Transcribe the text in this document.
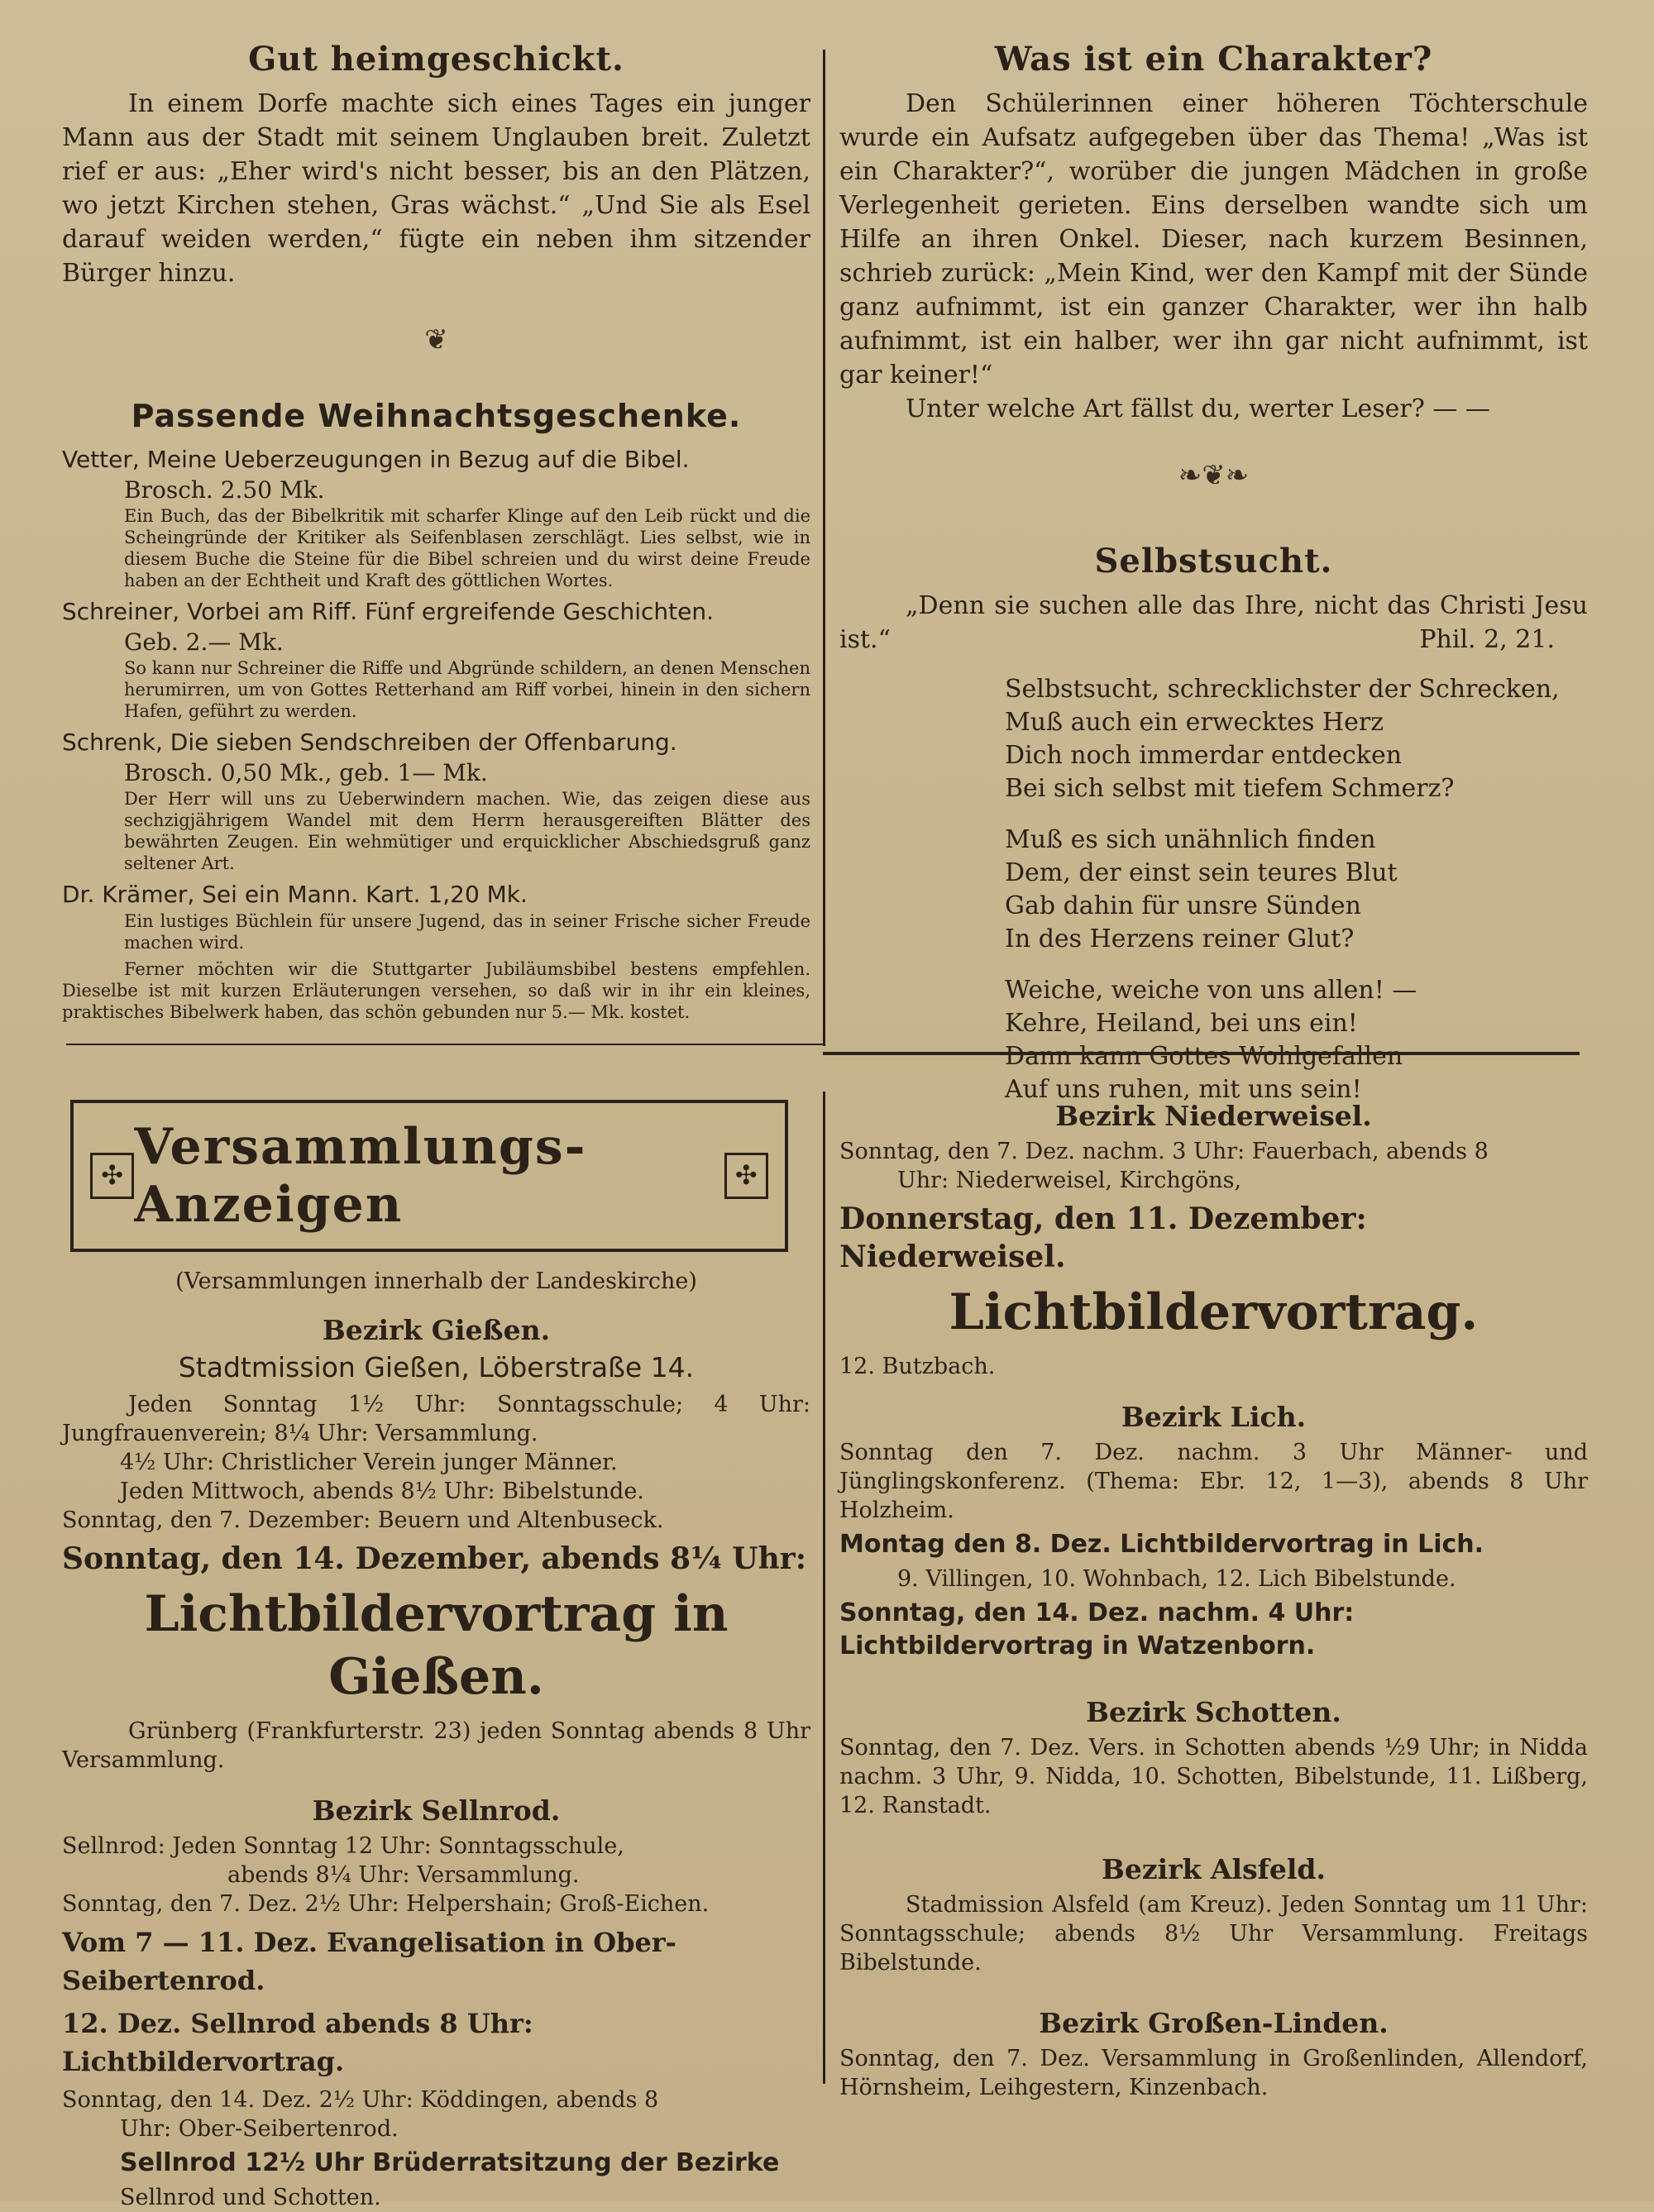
Gut heimgeschickt.

In einem Dorfe machte sich eines Tages ein junger Mann aus der Stadt mit seinem Unglauben breit. Zuletzt rief er aus: „Eher wird's nicht besser, bis an den Plätzen, wo jetzt Kirchen stehen, Gras wächst.“ „Und Sie als Esel darauf weiden werden,“ fügte ein neben ihm sitzender Bürger hinzu.

❦
Passende Weihnachtsgeschenke.
Vetter, Meine Ueberzeugungen in Bezug auf die Bibel.
Brosch. 2.50 Mk.
Ein Buch, das der Bibelkritik mit scharfer Klinge auf den Leib rückt und die Scheingründe der Kritiker als Seifenblasen zerschlägt. Lies selbst, wie in diesem Buche die Steine für die Bibel schreien und du wirst deine Freude haben an der Echtheit und Kraft des göttlichen Wortes.
Schreiner, Vorbei am Riff. Fünf ergreifende Geschichten.
Geb. 2.— Mk.
So kann nur Schreiner die Riffe und Abgründe schildern, an denen Menschen herumirren, um von Gottes Retterhand am Riff vorbei, hinein in den sichern Hafen, geführt zu werden.
Schrenk, Die sieben Sendschreiben der Offenbarung.
Brosch. 0,50 Mk., geb. 1— Mk.
Der Herr will uns zu Ueberwindern machen. Wie, das zeigen diese aus sechzigjährigem Wandel mit dem Herrn herausgereiften Blätter des bewährten Zeugen. Ein wehmütiger und erquicklicher Abschiedsgruß ganz seltener Art.
Dr. Krämer, Sei ein Mann. Kart. 1,20 Mk.
Ein lustiges Büchlein für unsere Jugend, das in seiner Frische sicher Freude machen wird.
Ferner möchten wir die Stuttgarter Jubiläumsbibel bestens empfehlen. Dieselbe ist mit kurzen Erläuterungen versehen, so daß wir in ihr ein kleines, praktisches Bibelwerk haben, das schön gebunden nur 5.— Mk. kostet.
Was ist ein Charakter?

Den Schülerinnen einer höheren Töchterschule wurde ein Aufsatz aufgegeben über das Thema! „Was ist ein Charakter?“, worüber die jungen Mädchen in große Verlegenheit gerieten. Eins derselben wandte sich um Hilfe an ihren Onkel. Dieser, nach kurzem Besinnen, schrieb zurück: „Mein Kind, wer den Kampf mit der Sünde ganz aufnimmt, ist ein ganzer Charakter, wer ihn halb aufnimmt, ist ein halber, wer ihn gar nicht aufnimmt, ist gar keiner!“

Unter welche Art fällst du, werter Leser? — —

❧❦❧
Selbstsucht.

„Denn sie suchen alle das Ihre, nicht das Christi Jesu ist.“	Phil. 2, 21.

Selbstsucht, schrecklichster der Schrecken,
Muß auch ein erwecktes Herz
Dich noch immerdar entdecken
Bei sich selbst mit tiefem Schmerz?
Muß es sich unähnlich finden
Dem, der einst sein teures Blut
Gab dahin für unsre Sünden
In des Herzens reiner Glut?
Weiche, weiche von uns allen! —
Kehre, Heiland, bei uns ein!
Dann kann Gottes Wohlgefallen
Auf uns ruhen, mit uns sein!
✣ Versammlungs-Anzeigen
✣
(Versammlungen innerhalb der Landeskirche)
Bezirk Gießen.
Stadtmission Gießen, Löberstraße 14.

Jeden Sonntag 1½ Uhr: Sonntagsschule; 4 Uhr: Jungfrauenverein; 8¼ Uhr: Versammlung.

4½ Uhr: Christlicher Verein junger Männer.

Jeden Mittwoch, abends 8½ Uhr: Bibelstunde.

Sonntag, den 7. Dezember: Beuern und Altenbuseck.

Sonntag, den 14. Dezember, abends 8¼ Uhr:

Lichtbildervortrag in Gießen.

Grünberg (Frankfurterstr. 23) jeden Sonntag abends 8 Uhr Versammlung.

Bezirk Sellnrod.

Sellnrod: Jeden Sonntag 12 Uhr: Sonntagsschule,

abends 8¼ Uhr: Versammlung.

Sonntag, den 7. Dez. 2½ Uhr: Helpershain; Groß-Eichen.

Vom 7 — 11. Dez. Evangelisation in Ober-Seibertenrod.

12. Dez. Sellnrod abends 8 Uhr: Lichtbildervortrag.

Sonntag, den 14. Dez. 2½ Uhr: Köddingen, abends 8

Uhr: Ober-Seibertenrod.

Sellnrod 12½ Uhr Brüderratsitzung der Bezirke

Sellnrod und Schotten.

Bezirk Niederweisel.

Sonntag, den 7. Dez. nachm. 3 Uhr: Fauerbach, abends 8

Uhr: Niederweisel, Kirchgöns,

Donnerstag, den 11. Dezember: Niederweisel.

Lichtbildervortrag.

12. Butzbach.

Bezirk Lich.

Sonntag den 7. Dez. nachm. 3 Uhr Männer- und Jünglingskonferenz. (Thema: Ebr. 12, 1—3), abends 8 Uhr Holzheim.

Montag den 8. Dez. Lichtbildervortrag in Lich.

9. Villingen, 10. Wohnbach, 12. Lich Bibelstunde.

Sonntag, den 14. Dez. nachm. 4 Uhr: Lichtbildervortrag in Watzenborn.

Bezirk Schotten.

Sonntag, den 7. Dez. Vers. in Schotten abends ½9 Uhr; in Nidda nachm. 3 Uhr, 9. Nidda, 10. Schotten, Bibelstunde, 11. Lißberg, 12. Ranstadt.

Bezirk Alsfeld.

Stadmission Alsfeld (am Kreuz). Jeden Sonntag um 11 Uhr: Sonntagsschule; abends 8½ Uhr Versammlung. Freitags Bibelstunde.

Bezirk Großen-Linden.

Sonntag, den 7. Dez. Versammlung in Großenlinden, Allendorf, Hörnsheim, Leihgestern, Kinzenbach.
